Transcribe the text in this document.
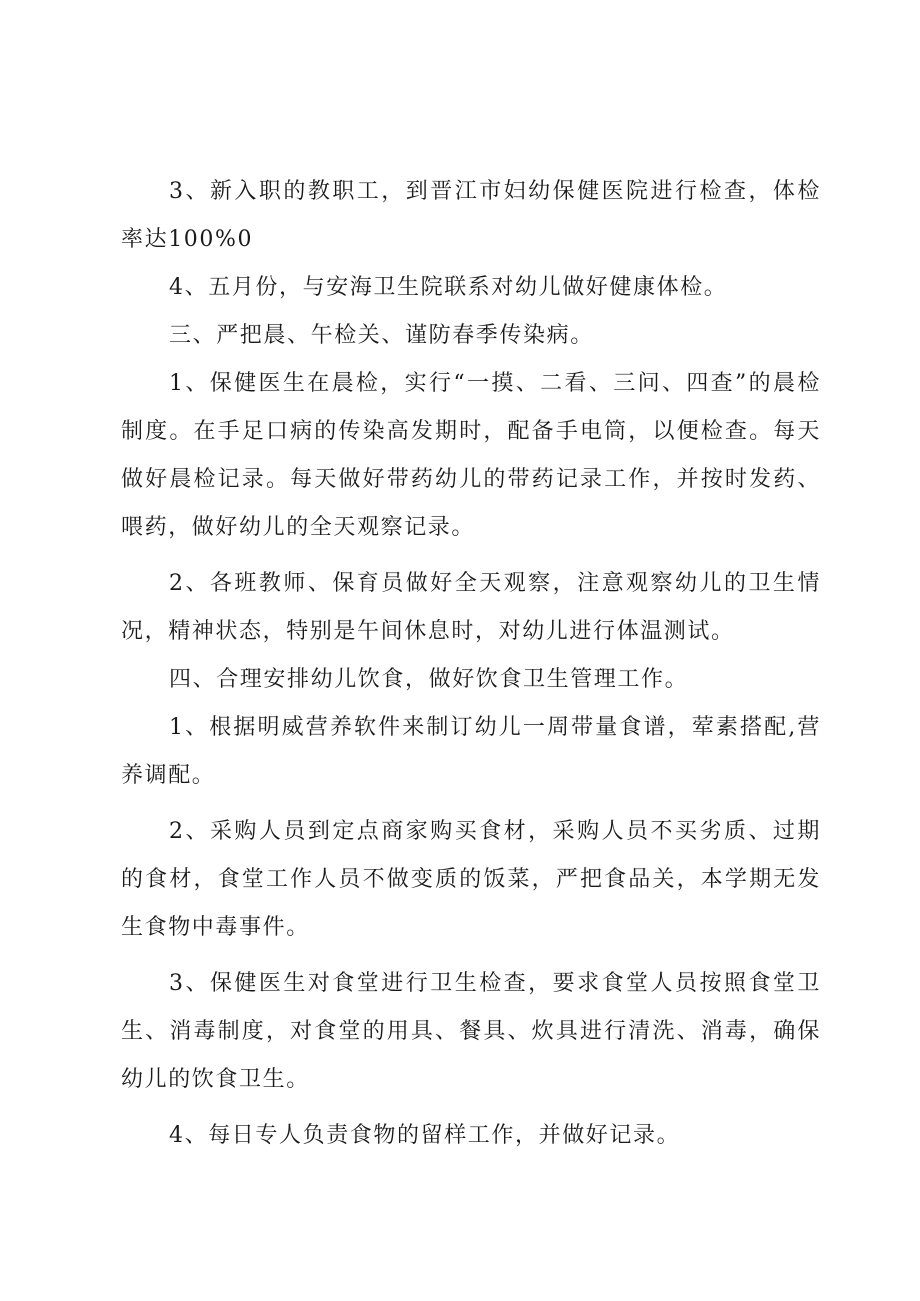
3、新入职的教职工，到晋江市妇幼保健医院进行检查，体检率达100%0

4、五月份，与安海卫生院联系对幼儿做好健康体检。

三、严把晨、午检关、谨防春季传染病。

1、保健医生在晨检，实行“一摸、二看、三问、四查”的晨检制度。在手足口病的传染高发期时，配备手电筒，以便检查。每天做好晨检记录。每天做好带药幼儿的带药记录工作，并按时发药、喂药，做好幼儿的全天观察记录。

2、各班教师、保育员做好全天观察，注意观察幼儿的卫生情况，精神状态，特别是午间休息时，对幼儿进行体温测试。

四、合理安排幼儿饮食，做好饮食卫生管理工作。

1、根据明威营养软件来制订幼儿一周带量食谱，荤素搭配,营养调配。

2、采购人员到定点商家购买食材，采购人员不买劣质、过期的食材，食堂工作人员不做变质的饭菜，严把食品关，本学期无发生食物中毒事件。

3、保健医生对食堂进行卫生检查，要求食堂人员按照食堂卫生、消毒制度，对食堂的用具、餐具、炊具进行清洗、消毒，确保幼儿的饮食卫生。

4、每日专人负责食物的留样工作，并做好记录。
